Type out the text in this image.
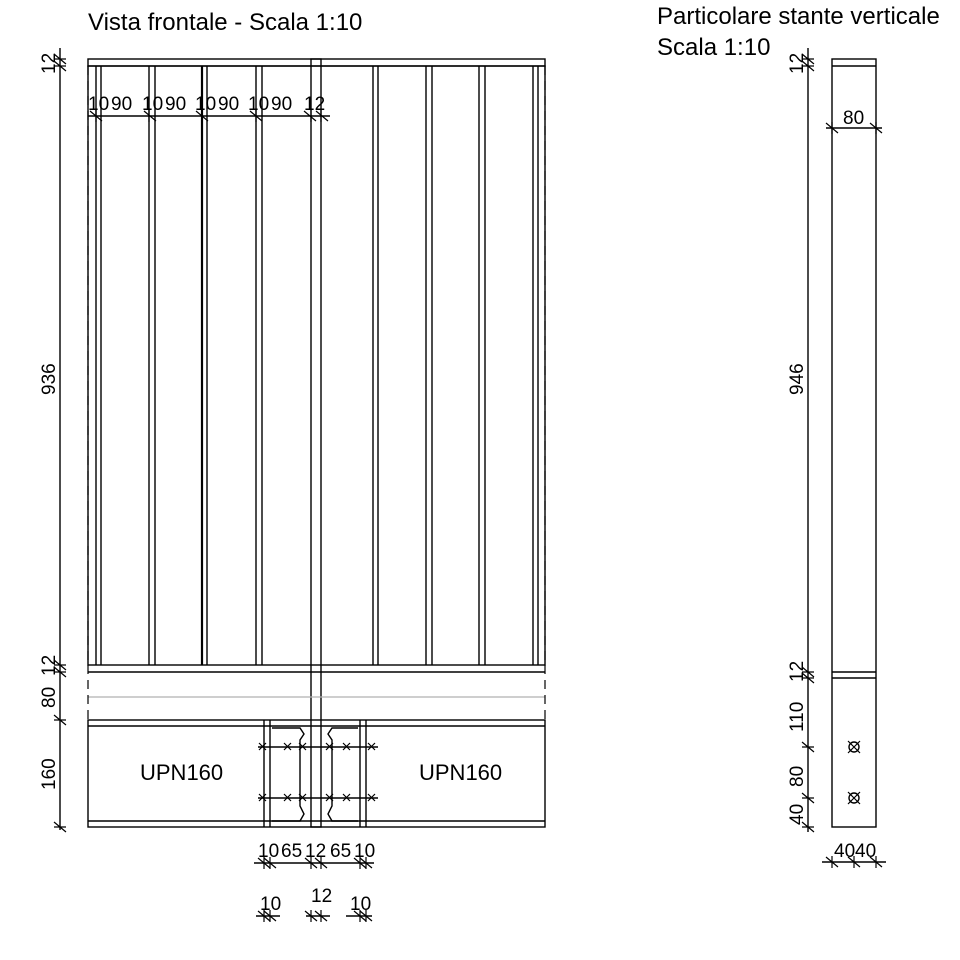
Vista frontale - Scala 1:10
UPN160	UPN160
10 90 10 90 10 90 10 90 12
12
936
12
80
160
10 65 12 65 10
10 12 10
Particolare stante verticale
Scala 1:10
80
12
946
12
110
80
40
40 40
